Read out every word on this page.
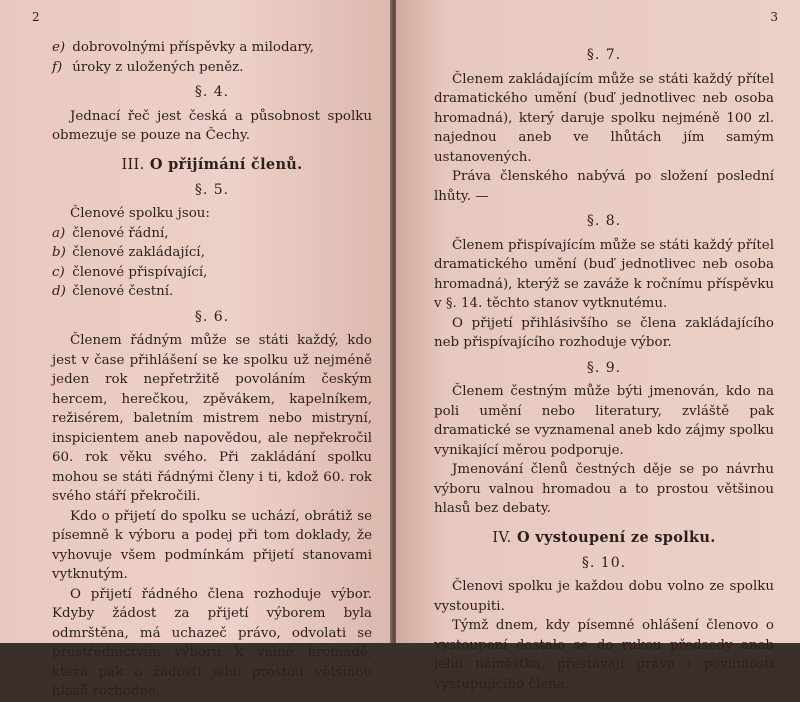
2
e) dobrovolnými příspěvky a milodary,
f) úroky z uložených peněz.
§. 4.

Jednací řeč jest česká a působnost spolku obmezuje se pouze na Čechy.

III. O přijímání členů.
§. 5.

Členové spolku jsou:

a) členové řádní,
b) členové zakládající,
c) členové přispívající,
d) členové čestní.
§. 6.

Členem řádným může se státi každý, kdo jest v čase přihlášení se ke spolku už nejméně jeden rok nepřetržitě povoláním českým hercem, herečkou, zpěvákem, kapelníkem, režisérem, baletním mistrem nebo mistryní, inspicientem aneb napovědou, ale nepřekročil 60. rok věku svého. Při zakládání spolku mohou se státi řádnými členy i ti, kdož 60. rok svého stáří překročili.

Kdo o přijetí do spolku se uchází, obrátiž se písemně k výboru a podej při tom doklady, že vyhovuje všem podmínkám přijetí stanovami vytknutým.

O přijetí řádného člena rozhoduje výbor. Kdyby žádost za přijetí výborem byla odmrštěna, má uchazeč právo, odvolati se prostřednictvím výboru k valné hromadě, která pak o žádosti jeho prostou většinou hlasů rozhodne.

3
§. 7.

Členem zakládajícím může se státi každý přítel dramatického umění (buď jednotlivec neb osoba hromadná), který daruje spolku nejméně 100 zl. najednou aneb ve lhůtách jím samým ustanovených.

Práva členského nabývá po složení poslední lhůty. —

§. 8.

Členem přispívajícím může se státi každý přítel dramatického umění (buď jednotlivec neb osoba hromadná), kterýž se zaváže k ročnímu příspěvku v §. 14. těchto stanov vytknutému.

O přijetí přihlásivšího se člena zakládajícího neb přispívajícího rozhoduje výbor.

§. 9.

Členem čestným může býti jmenován, kdo na poli umění nebo literatury, zvláště pak dramatické se vyznamenal aneb kdo zájmy spolku vynikající měrou podporuje.

Jmenování členů čestných děje se po návrhu výboru valnou hromadou a to prostou většinou hlasů bez debaty.

IV. O vystoupení ze spolku.
§. 10.

Členovi spolku je každou dobu volno ze spolku vystoupiti.

Týmž dnem, kdy písemné ohlášení členovo o vystoupení dostalo se do rukou předsedy aneb jeho náměstka, přestávají práva i povinnosti vystupujícího člena.
